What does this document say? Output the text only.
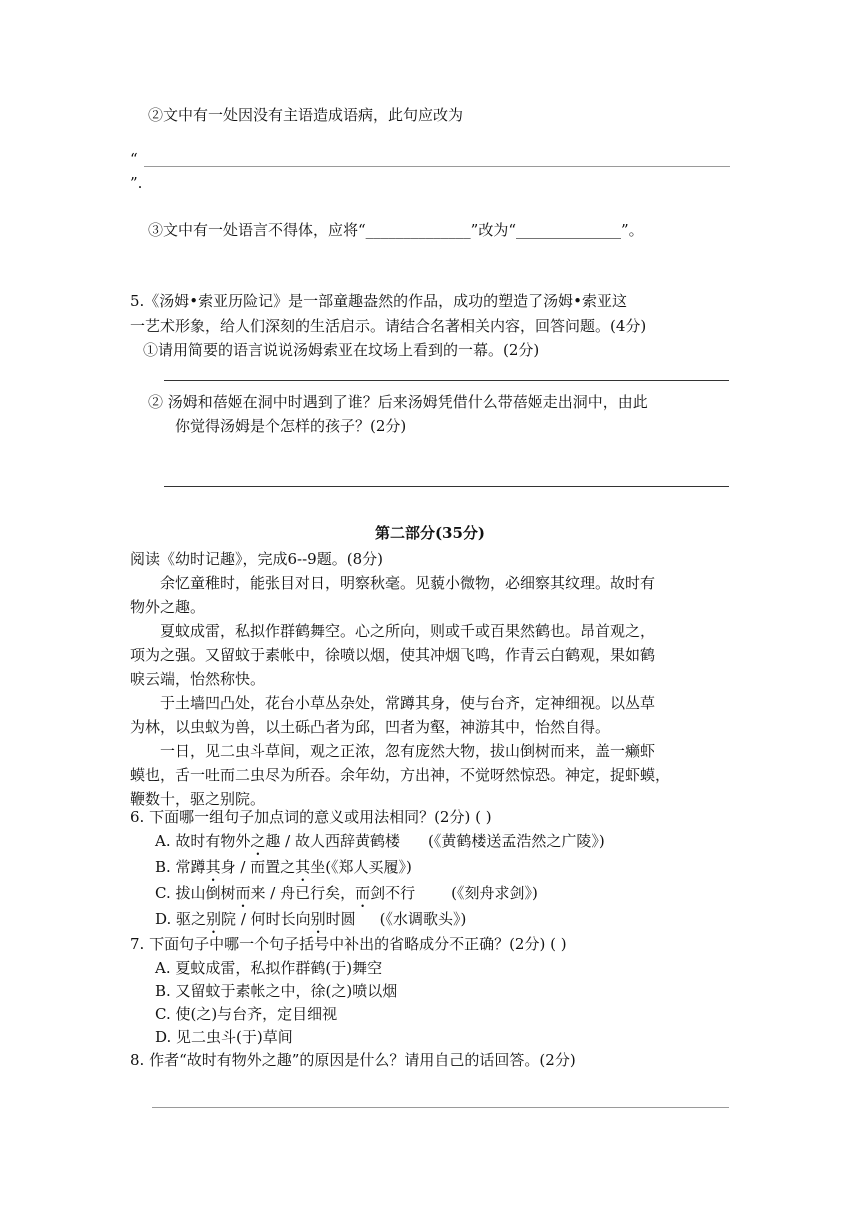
②文中有一处因没有主语造成语病，此句应改为
“
”.
③文中有一处语言不得体，应将“______________”改为“______________”。
5.《汤姆•索亚历险记》是一部童趣盎然的作品，成功的塑造了汤姆•索亚这
一艺术形象，给人们深刻的生活启示。请结合名著相关内容，回答问题。(4分)
①请用简要的语言说说汤姆索亚在坟场上看到的一幕。(2分)
② 汤姆和蓓姬在洞中时遇到了谁？后来汤姆凭借什么带蓓姬走出洞中，由此
你觉得汤姆是个怎样的孩子？(2分)
第二部分(35分)
阅读《幼时记趣》，完成6--9题。(8分)
余忆童稚时，能张目对日，明察秋毫。见藐小微物，必细察其纹理。故时有
物外之趣。
夏蚊成雷，私拟作群鹤舞空。心之所向，则或千或百果然鹤也。昂首观之，
项为之强。又留蚊于素帐中，徐喷以烟，使其冲烟飞鸣，作青云白鹤观，果如鹤
唳云端，怡然称快。
于土墙凹凸处，花台小草丛杂处，常蹲其身，使与台齐，定神细视。以丛草
为林，以虫蚁为兽，以土砾凸者为邱，凹者为壑，神游其中，怡然自得。
一日，见二虫斗草间，观之正浓，忽有庞然大物，拔山倒树而来，盖一癞虾
蟆也，舌一吐而二虫尽为所吞。余年幼，方出神，不觉呀然惊恐。神定，捉虾蟆，
鞭数十，驱之别院。
6. 下面哪一组句子加点词的意义或用法相同？(2分) ( )
A. 故时有物外之趣 / 故人西辞黄鹤楼 (《黄鹤楼送孟浩然之广陵》)
B. 常蹲其身 / 而置之其坐(《郑人买履》)
C. 拔山倒树而来 / 舟已行矣，而剑不行 (《刻舟求剑》)
D. 驱之别院 / 何时长向别时圆 (《水调歌头》)
7. 下面句子中哪一个句子括号中补出的省略成分不正确？(2分) ( )
A. 夏蚊成雷，私拟作群鹤(于)舞空
B. 又留蚊于素帐之中，徐(之)喷以烟
C. 使(之)与台齐，定目细视
D. 见二虫斗(于)草间
8. 作者“故时有物外之趣”的原因是什么？请用自己的话回答。(2分)
